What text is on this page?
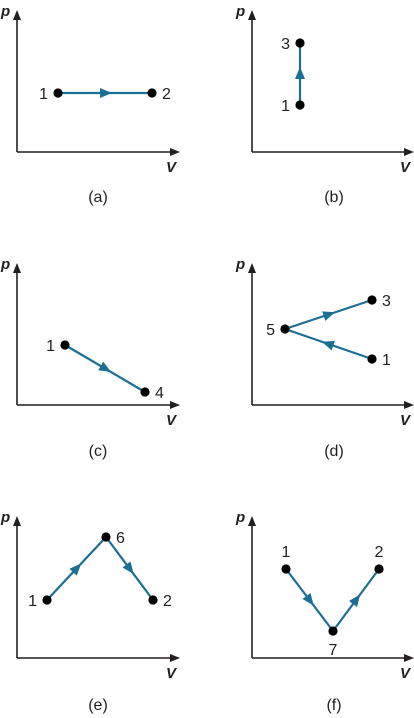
p
V
1	2
(a)
p
V
3
1
(b)
p
V
1
4
(c)
p
V
5
3
1
(d)
p
V
1
6
2
(e)
p
V
1
7
2
(f)
